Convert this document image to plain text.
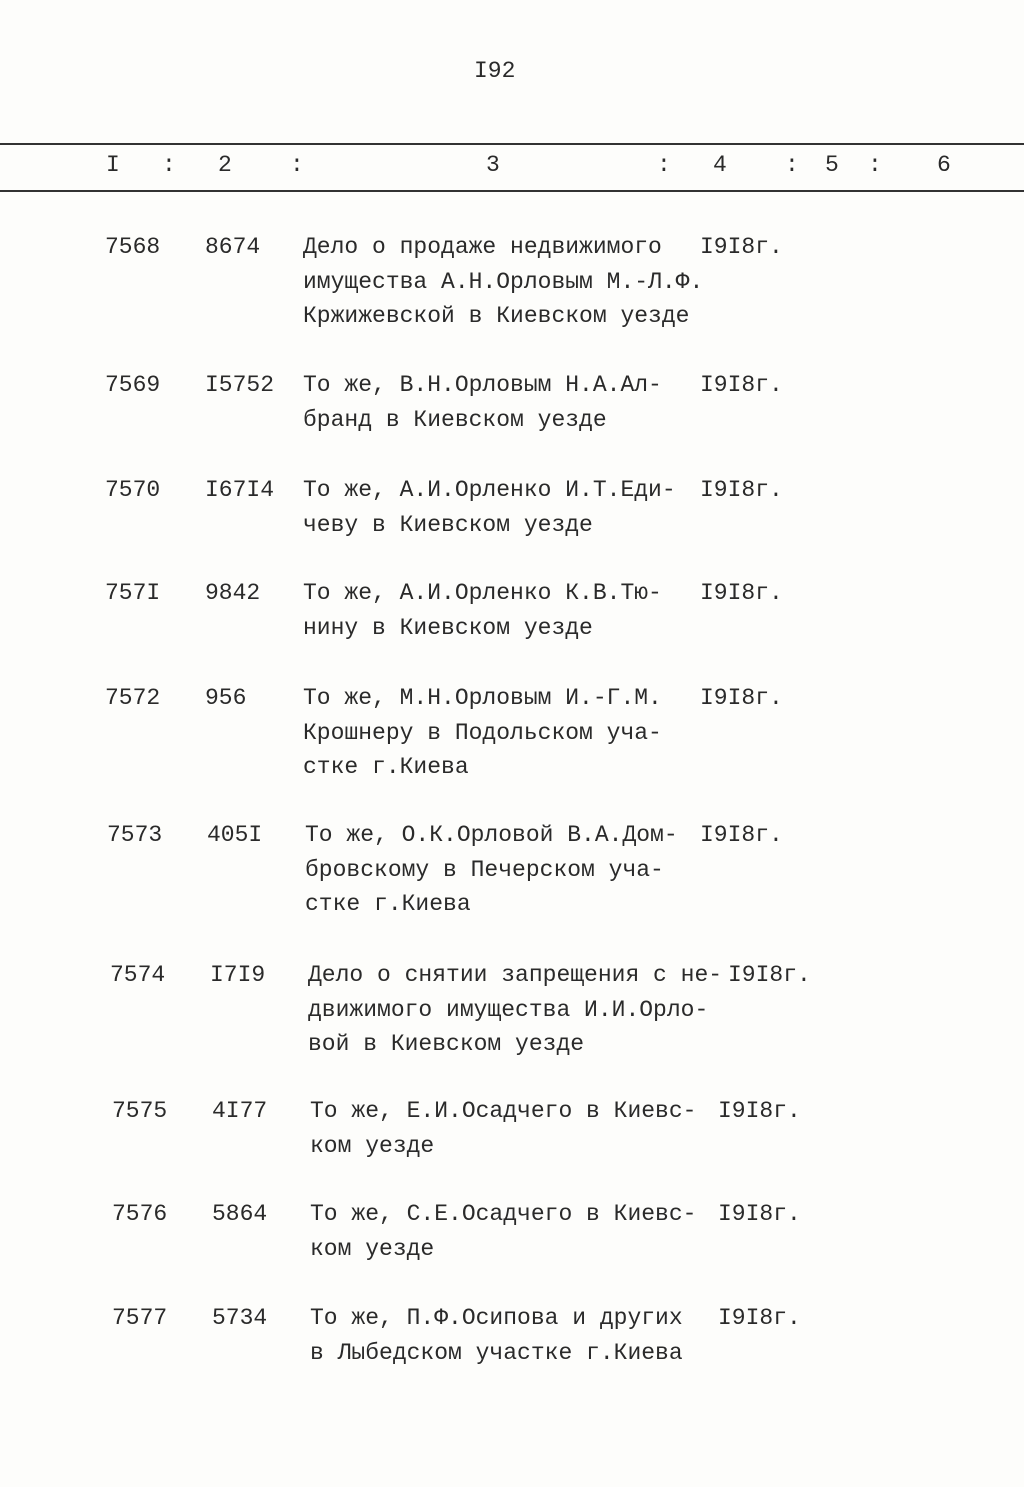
I92
I : 2	:	3	: 4	: 5 : 6
7568 8674 Дело о продаже недвижимого
имущества А.Н.Орловым М.-Л.Ф.
Кржижевской в Киевском уезде
I9I8г.
7569 I5752 То же, В.Н.Орловым Н.А.Ал-
бранд в Киевском уезде
I9I8г.
7570 I67I4 То же, А.И.Орленко И.Т.Еди-
чеву в Киевском уезде
I9I8г.
757I 9842 То же, А.И.Орленко К.В.Тю-
нину в Киевском уезде
I9I8г.
7572 956 То же, М.Н.Орловым И.-Г.М.
Крошнеру в Подольском уча-
стке г.Киева
I9I8г.
7573 405I То же, О.К.Орловой В.А.Дом-
бровскому в Печерском уча-
стке г.Киева
I9I8г.
7574 I7I9 Дело о снятии запрещения с не-
движимого имущества И.И.Орло-
вой в Киевском уезде
I9I8г.
7575 4I77 То же, Е.И.Осадчего в Киевс-
ком уезде
I9I8г.
7576 5864 То же, С.Е.Осадчего в Киевс-
ком уезде
I9I8г.
7577 5734 То же, П.Ф.Осипова и других
в Лыбедском участке г.Киева
I9I8г.
